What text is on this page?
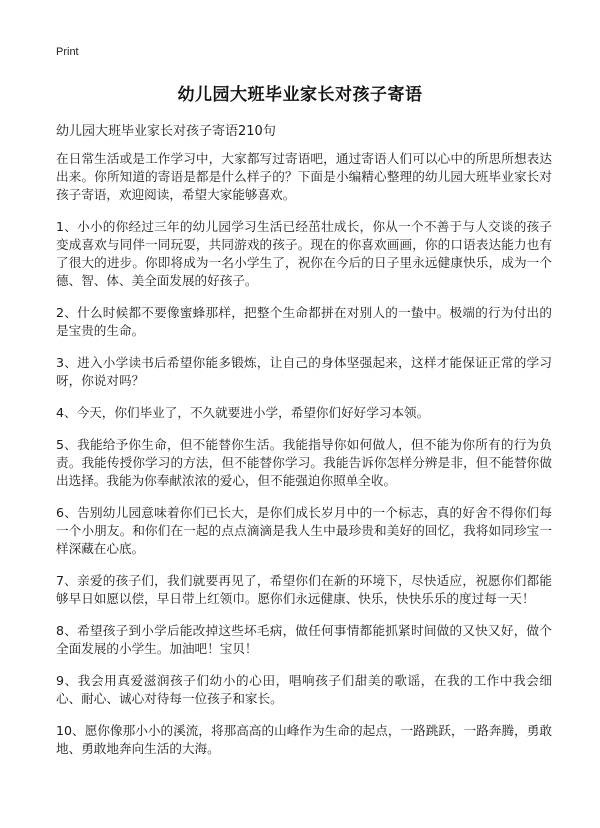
Print
幼儿园大班毕业家长对孩子寄语
幼儿园大班毕业家长对孩子寄语210句

在日常生活或是工作学习中，大家都写过寄语吧，通过寄语人们可以心中的所思所想表达出来。你所知道的寄语是都是什么样子的？下面是小编精心整理的幼儿园大班毕业家长对孩子寄语，欢迎阅读，希望大家能够喜欢。

1、小小的你经过三年的幼儿园学习生活已经茁壮成长，你从一个不善于与人交谈的孩子变成喜欢与同伴一同玩耍，共同游戏的孩子。现在的你喜欢画画，你的口语表达能力也有了很大的进步。你即将成为一名小学生了，祝你在今后的日子里永远健康快乐，成为一个德、智、体、美全面发展的好孩子。

2、什么时候都不要像蜜蜂那样，把整个生命都拼在对别人的一蛰中。极端的行为付出的是宝贵的生命。

3、进入小学读书后希望你能多锻炼，让自己的身体坚强起来，这样才能保证正常的学习呀，你说对吗？

4、今天，你们毕业了，不久就要进小学，希望你们好好学习本领。

5、我能给予你生命，但不能替你生活。我能指导你如何做人，但不能为你所有的行为负责。我能传授你学习的方法，但不能替你学习。我能告诉你怎样分辨是非，但不能替你做出选择。我能为你奉献浓浓的爱心，但不能强迫你照单全收。

6、告别幼儿园意味着你们已长大，是你们成长岁月中的一个标志，真的好舍不得你们每一个小朋友。和你们在一起的点点滴滴是我人生中最珍贵和美好的回忆，我将如同珍宝一样深藏在心底。

7、亲爱的孩子们，我们就要再见了，希望你们在新的环境下，尽快适应，祝愿你们都能够早日如愿以偿，早日带上红领巾。愿你们永远健康、快乐，快快乐乐的度过每一天！

8、希望孩子到小学后能改掉这些坏毛病，做任何事情都能抓紧时间做的又快又好，做个全面发展的小学生。加油吧！宝贝！

9、我会用真爱滋润孩子们幼小的心田，唱响孩子们甜美的歌谣，在我的工作中我会细心、耐心、诚心对待每一位孩子和家长。

10、愿你像那小小的溪流，将那高高的山峰作为生命的起点，一路跳跃，一路奔腾，勇敢地、勇敢地奔向生活的大海。
